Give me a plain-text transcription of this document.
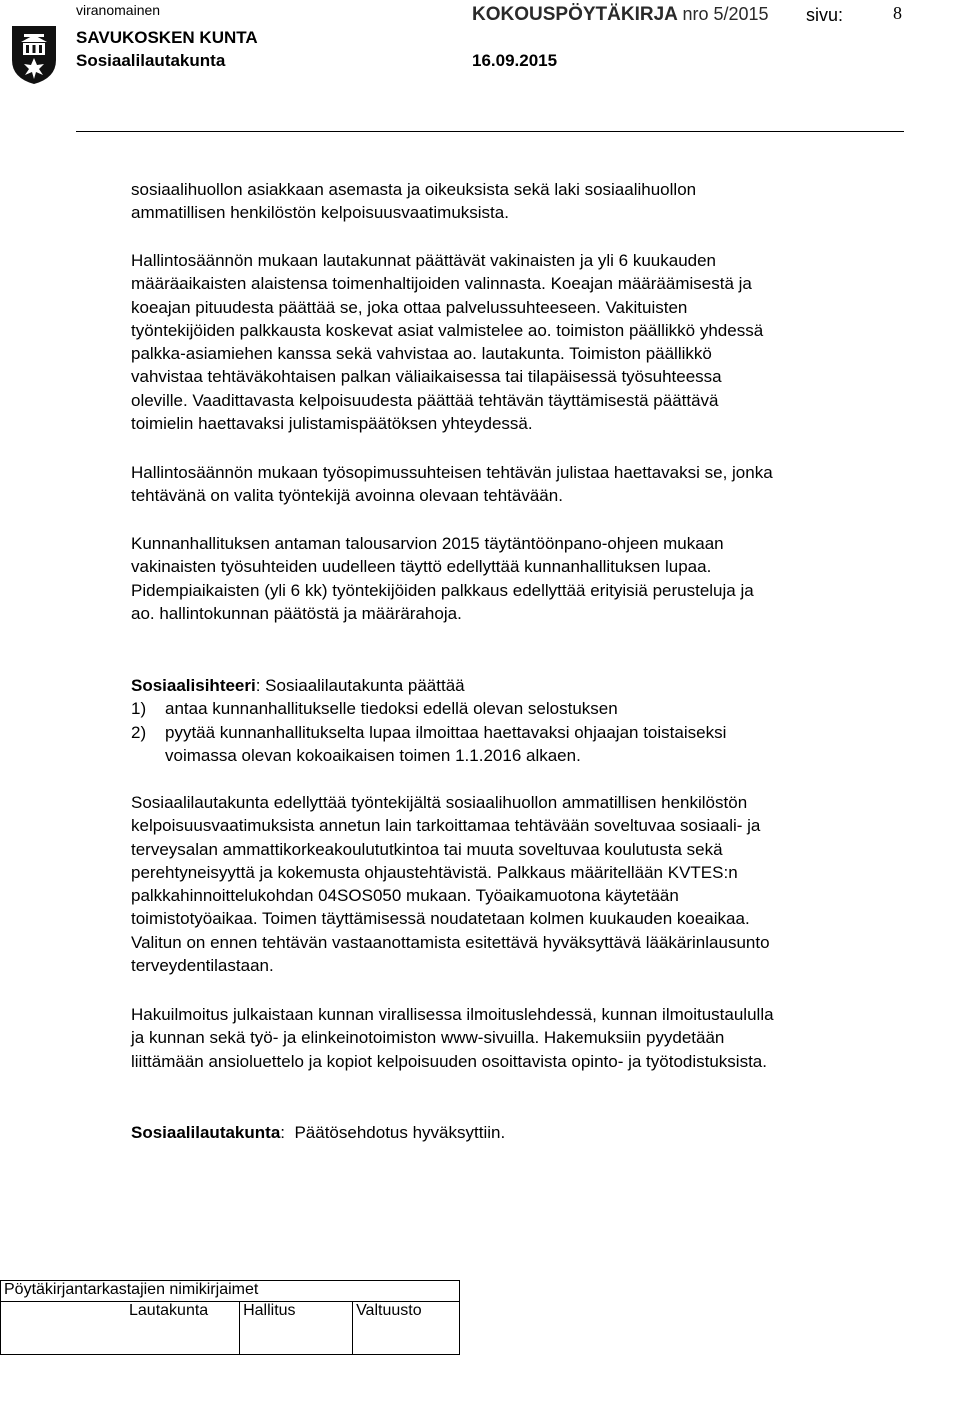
viranomainen	KOKOUSPÖYTÄKIRJA nro 5/2015 sivu:	8
SAVUKOSKEN KUNTA
Sosiaalilautakunta	16.09.2015
sosiaalihuollon asiakkaan asemasta ja oikeuksista sekä laki sosiaalihuollon
ammatillisen henkilöstön kelpoisuusvaatimuksista.
Hallintosäännön mukaan lautakunnat päättävät vakinaisten ja yli 6 kuukauden
määräaikaisten alaistensa toimenhaltijoiden valinnasta. Koeajan määräämisestä ja
koeajan pituudesta päättää se, joka ottaa palvelussuhteeseen. Vakituisten
työntekijöiden palkkausta koskevat asiat valmistelee ao. toimiston päällikkö yhdessä
palkka-asiamiehen kanssa sekä vahvistaa ao. lautakunta. Toimiston päällikkö
vahvistaa tehtäväkohtaisen palkan väliaikaisessa tai tilapäisessä työsuhteessa
oleville. Vaadittavasta kelpoisuudesta päättää tehtävän täyttämisestä päättävä
toimielin haettavaksi julistamispäätöksen yhteydessä.
Hallintosäännön mukaan työsopimussuhteisen tehtävän julistaa haettavaksi se, jonka
tehtävänä on valita työntekijä avoinna olevaan tehtävään.
Kunnanhallituksen antaman talousarvion 2015 täytäntöönpano-ohjeen mukaan
vakinaisten työsuhteiden uudelleen täyttö edellyttää kunnanhallituksen lupaa.
Pidempiaikaisten (yli 6 kk) työntekijöiden palkkaus edellyttää erityisiä perusteluja ja
ao. hallintokunnan päätöstä ja määrärahoja.
Sosiaalisihteeri: Sosiaalilautakunta päättää
1)	antaa kunnanhallitukselle tiedoksi edellä olevan selostuksen
2)	pyytää kunnanhallitukselta lupaa ilmoittaa haettavaksi ohjaajan toistaiseksi
voimassa olevan kokoaikaisen toimen 1.1.2016 alkaen.
Sosiaalilautakunta edellyttää työntekijältä sosiaalihuollon ammatillisen henkilöstön
kelpoisuusvaatimuksista annetun lain tarkoittamaa tehtävään soveltuvaa sosiaali- ja
terveysalan ammattikorkeakoulututkintoa tai muuta soveltuvaa koulutusta sekä
perehtyneisyyttä ja kokemusta ohjaustehtävistä. Palkkaus määritellään KVTES:n
palkkahinnoittelukohdan 04SOS050 mukaan. Työaikamuotona käytetään
toimistotyöaikaa. Toimen täyttämisessä noudatetaan kolmen kuukauden koeaikaa.
Valitun on ennen tehtävän vastaanottamista esitettävä hyväksyttävä lääkärinlausunto
terveydentilastaan.
Hakuilmoitus julkaistaan kunnan virallisessa ilmoituslehdessä, kunnan ilmoitustaululla
ja kunnan sekä työ- ja elinkeinotoimiston www-sivuilla. Hakemuksiin pyydetään
liittämään ansioluettelo ja kopiot kelpoisuuden osoittavista opinto- ja työtodistuksista.
Sosiaalilautakunta:  Päätösehdotus hyväksyttiin.
Pöytäkirjantarkastajien nimikirjaimet
Lautakunta	Hallitus	Valtuusto
